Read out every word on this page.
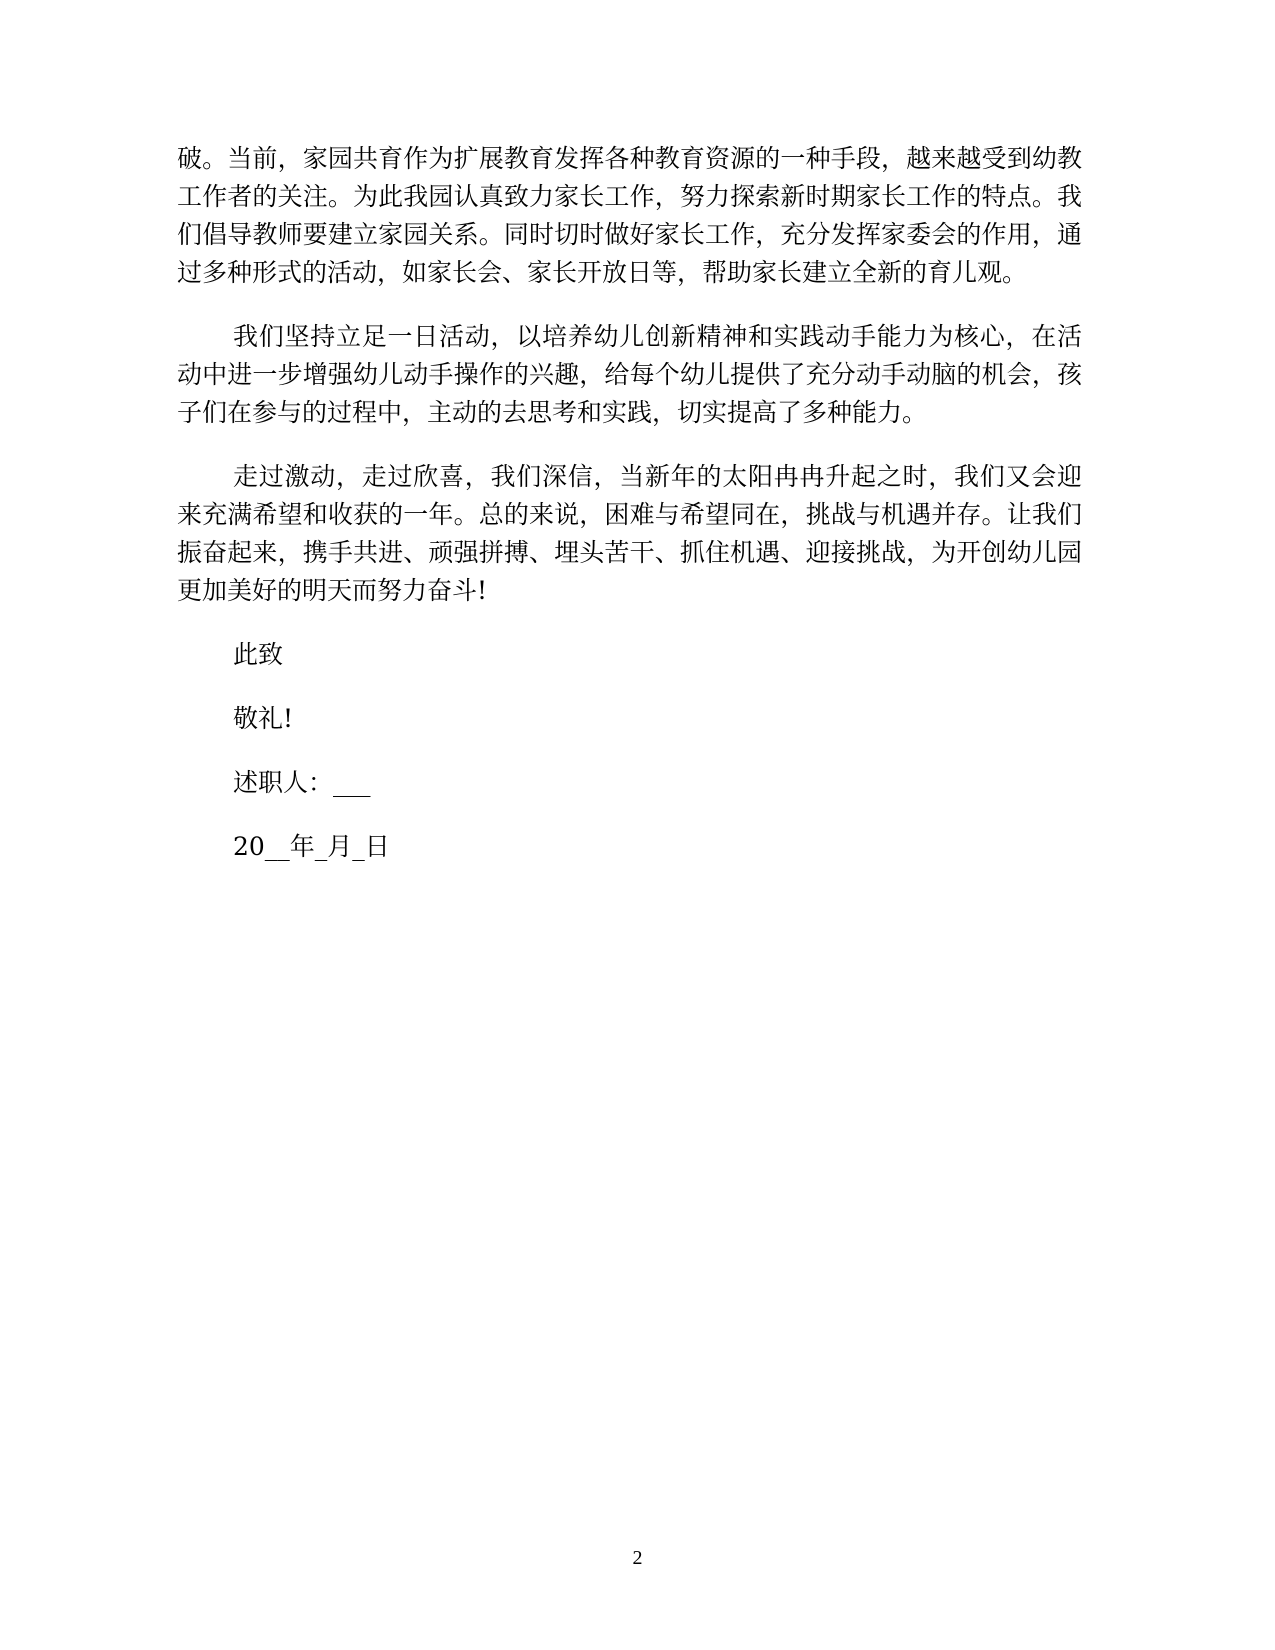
破。当前，家园共育作为扩展教育发挥各种教育资源的一种手段，越来越受到幼教工作者的关注。为此我园认真致力家长工作，努力探索新时期家长工作的特点。我们倡导教师要建立家园关系。同时切时做好家长工作，充分发挥家委会的作用，通过多种形式的活动，如家长会、家长开放日等，帮助家长建立全新的育儿观。

我们坚持立足一日活动，以培养幼儿创新精神和实践动手能力为核心，在活动中进一步增强幼儿动手操作的兴趣，给每个幼儿提供了充分动手动脑的机会，孩子们在参与的过程中，主动的去思考和实践，切实提高了多种能力。

走过激动，走过欣喜，我们深信，当新年的太阳冉冉升起之时，我们又会迎来充满希望和收获的一年。总的来说，困难与希望同在，挑战与机遇并存。让我们振奋起来，携手共进、顽强拼搏、埋头苦干、抓住机遇、迎接挑战，为开创幼儿园更加美好的明天而努力奋斗!

此致

敬礼!

述职人：___

20__年_月_日

2
